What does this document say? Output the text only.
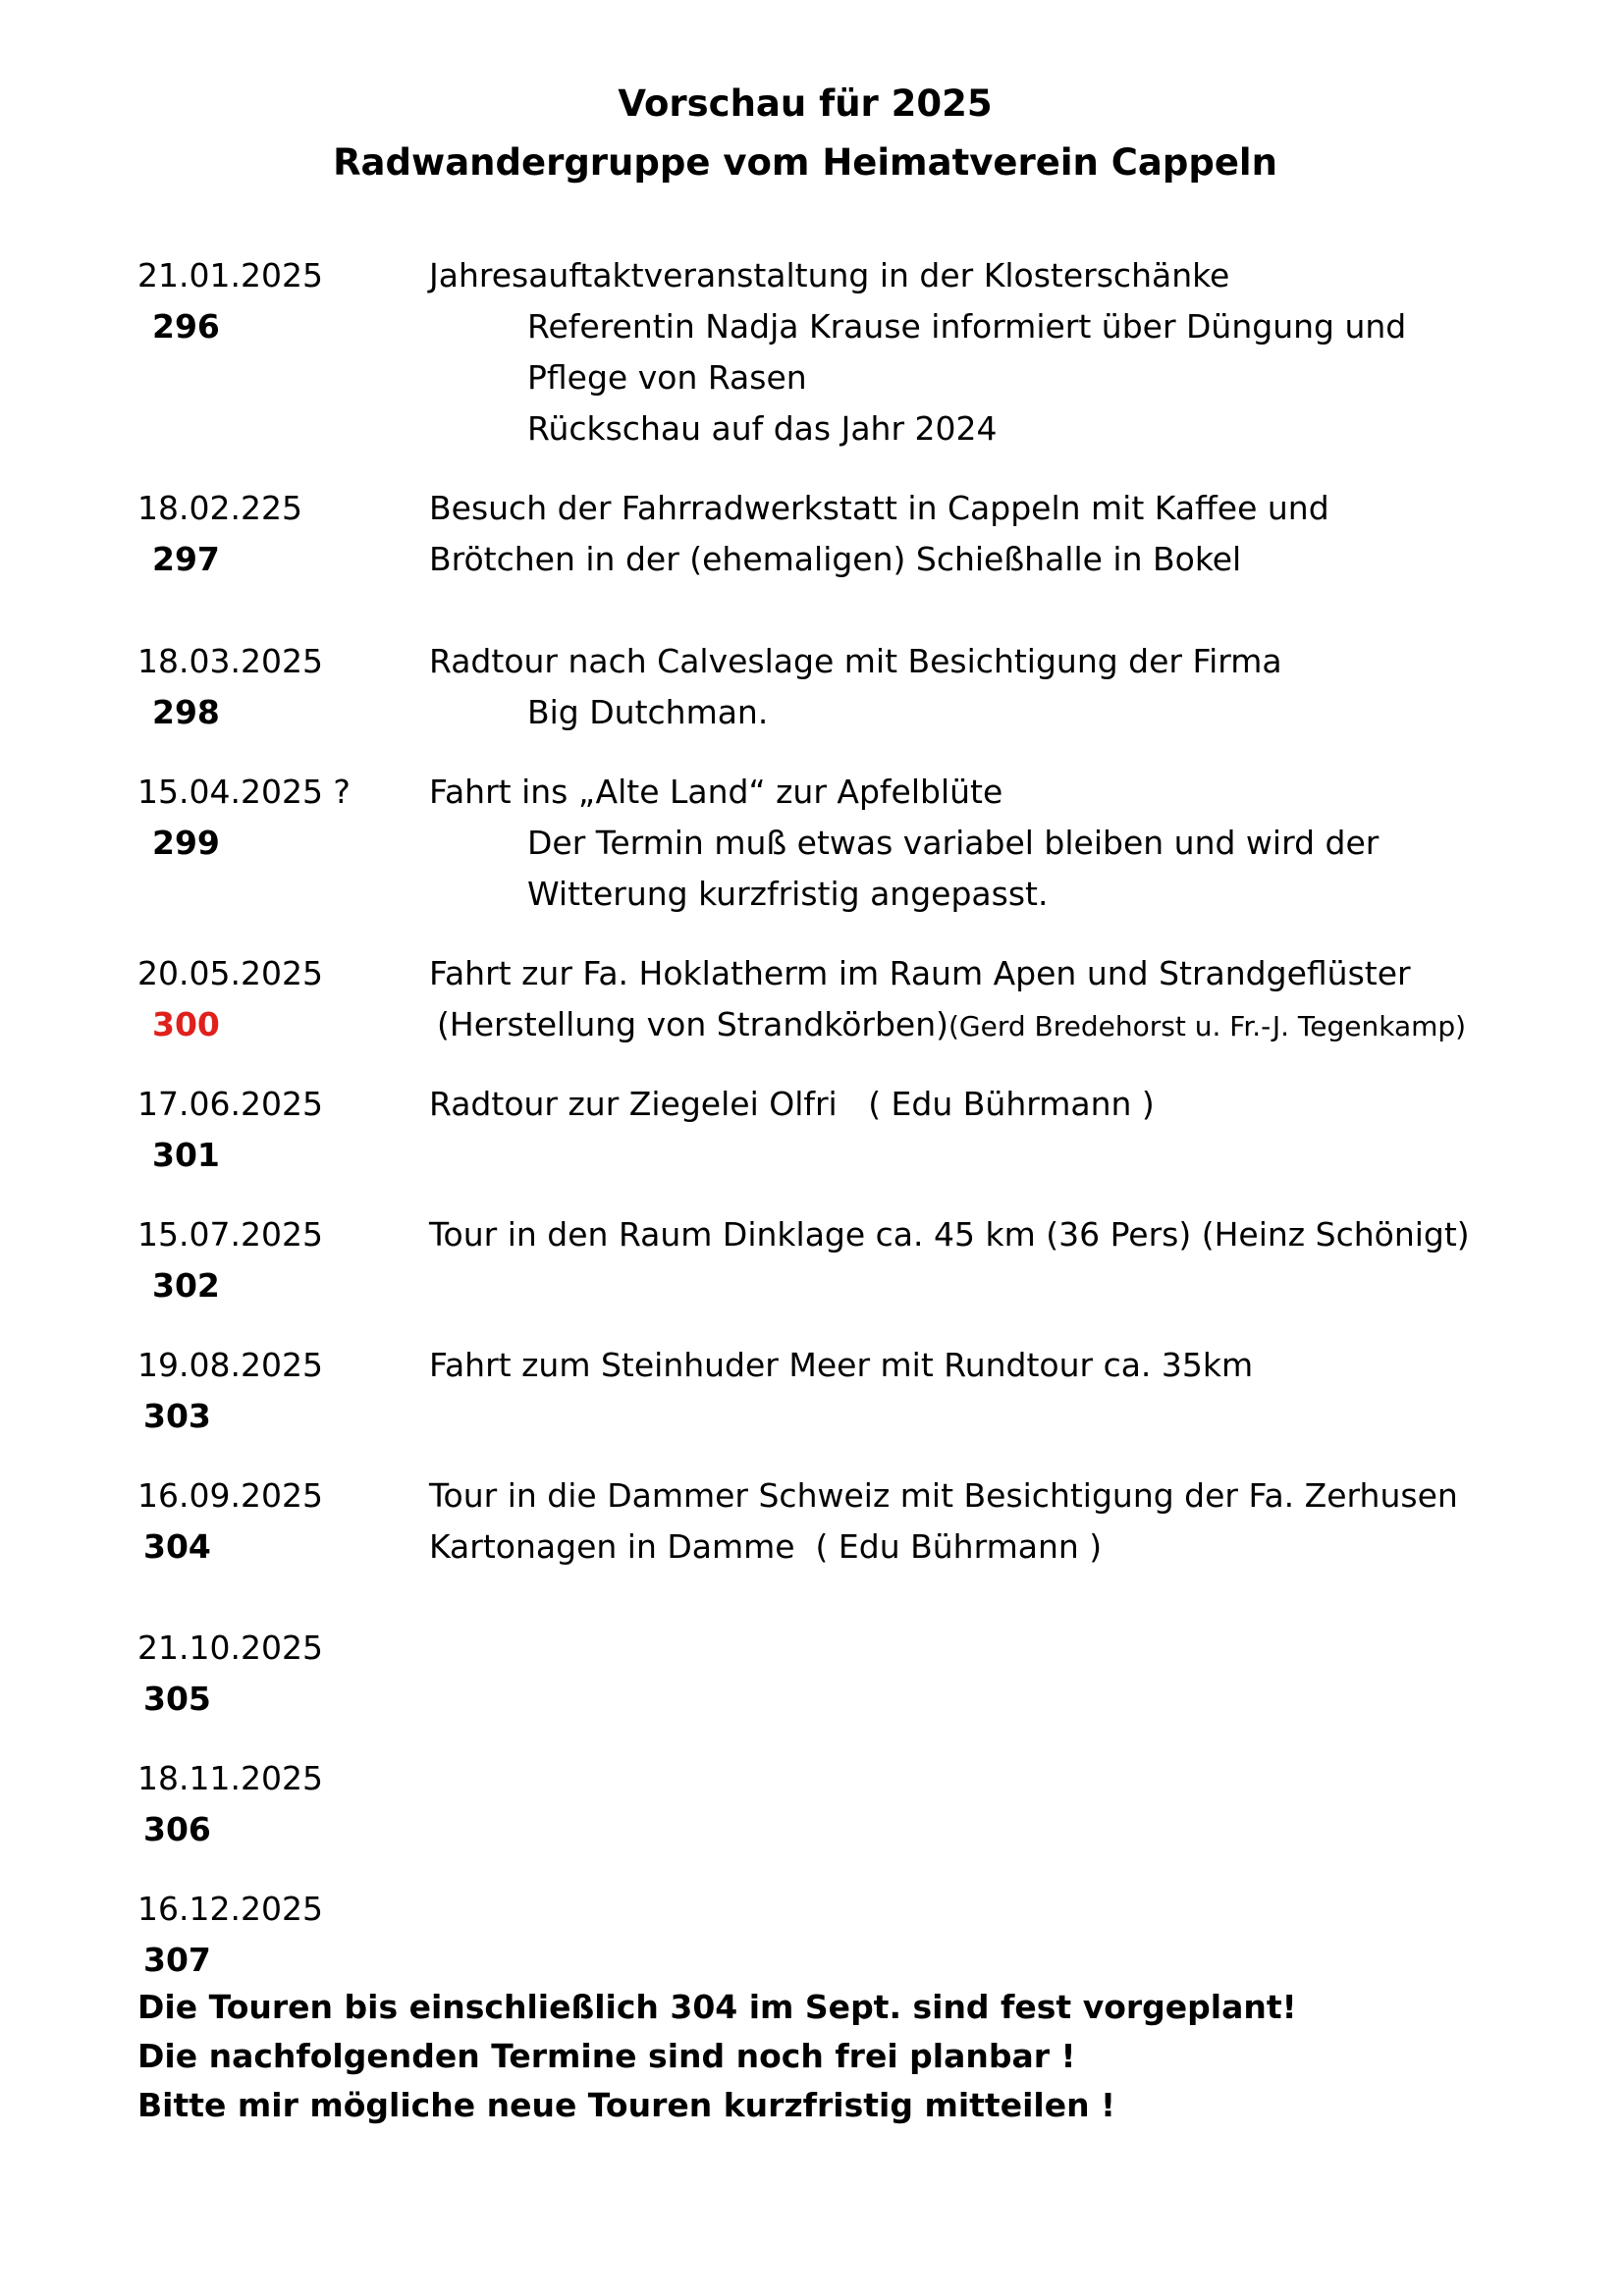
Vorschau für 2025
Radwandergruppe vom Heimatverein Cappeln
21.01.2025
296
Jahresauftaktveranstaltung in der Klosterschänke
Referentin Nadja Krause informiert über Düngung und
Pflege von Rasen
Rückschau auf das Jahr 2024
18.02.225
297
Besuch der Fahrradwerkstatt in Cappeln mit Kaffee und
Brötchen in der (ehemaligen) Schießhalle in Bokel
18.03.2025
298
Radtour nach Calveslage mit Besichtigung der Firma
Big Dutchman.
15.04.2025 ?
299
Fahrt ins „Alte Land“ zur Apfelblüte
Der Termin muß etwas variabel bleiben und wird der
Witterung kurzfristig angepasst.
20.05.2025
300
Fahrt zur Fa. Hoklatherm im Raum Apen und Strandgeflüster
(Herstellung von Strandkörben)(Gerd Bredehorst u. Fr.-J. Tegenkamp)
17.06.2025
301
Radtour zur Ziegelei Olfri   ( Edu Bührmann )
15.07.2025
302
Tour in den Raum Dinklage ca. 45 km (36 Pers) (Heinz Schönigt)
19.08.2025
303
Fahrt zum Steinhuder Meer mit Rundtour ca. 35km
16.09.2025
304
Tour in die Dammer Schweiz mit Besichtigung der Fa. Zerhusen
Kartonagen in Damme  ( Edu Bührmann )
21.10.2025
305
18.11.2025
306
16.12.2025
307
Die Touren bis einschließlich 304 im Sept. sind fest vorgeplant!
Die nachfolgenden Termine sind noch frei planbar !
Bitte mir mögliche neue Touren kurzfristig mitteilen !
